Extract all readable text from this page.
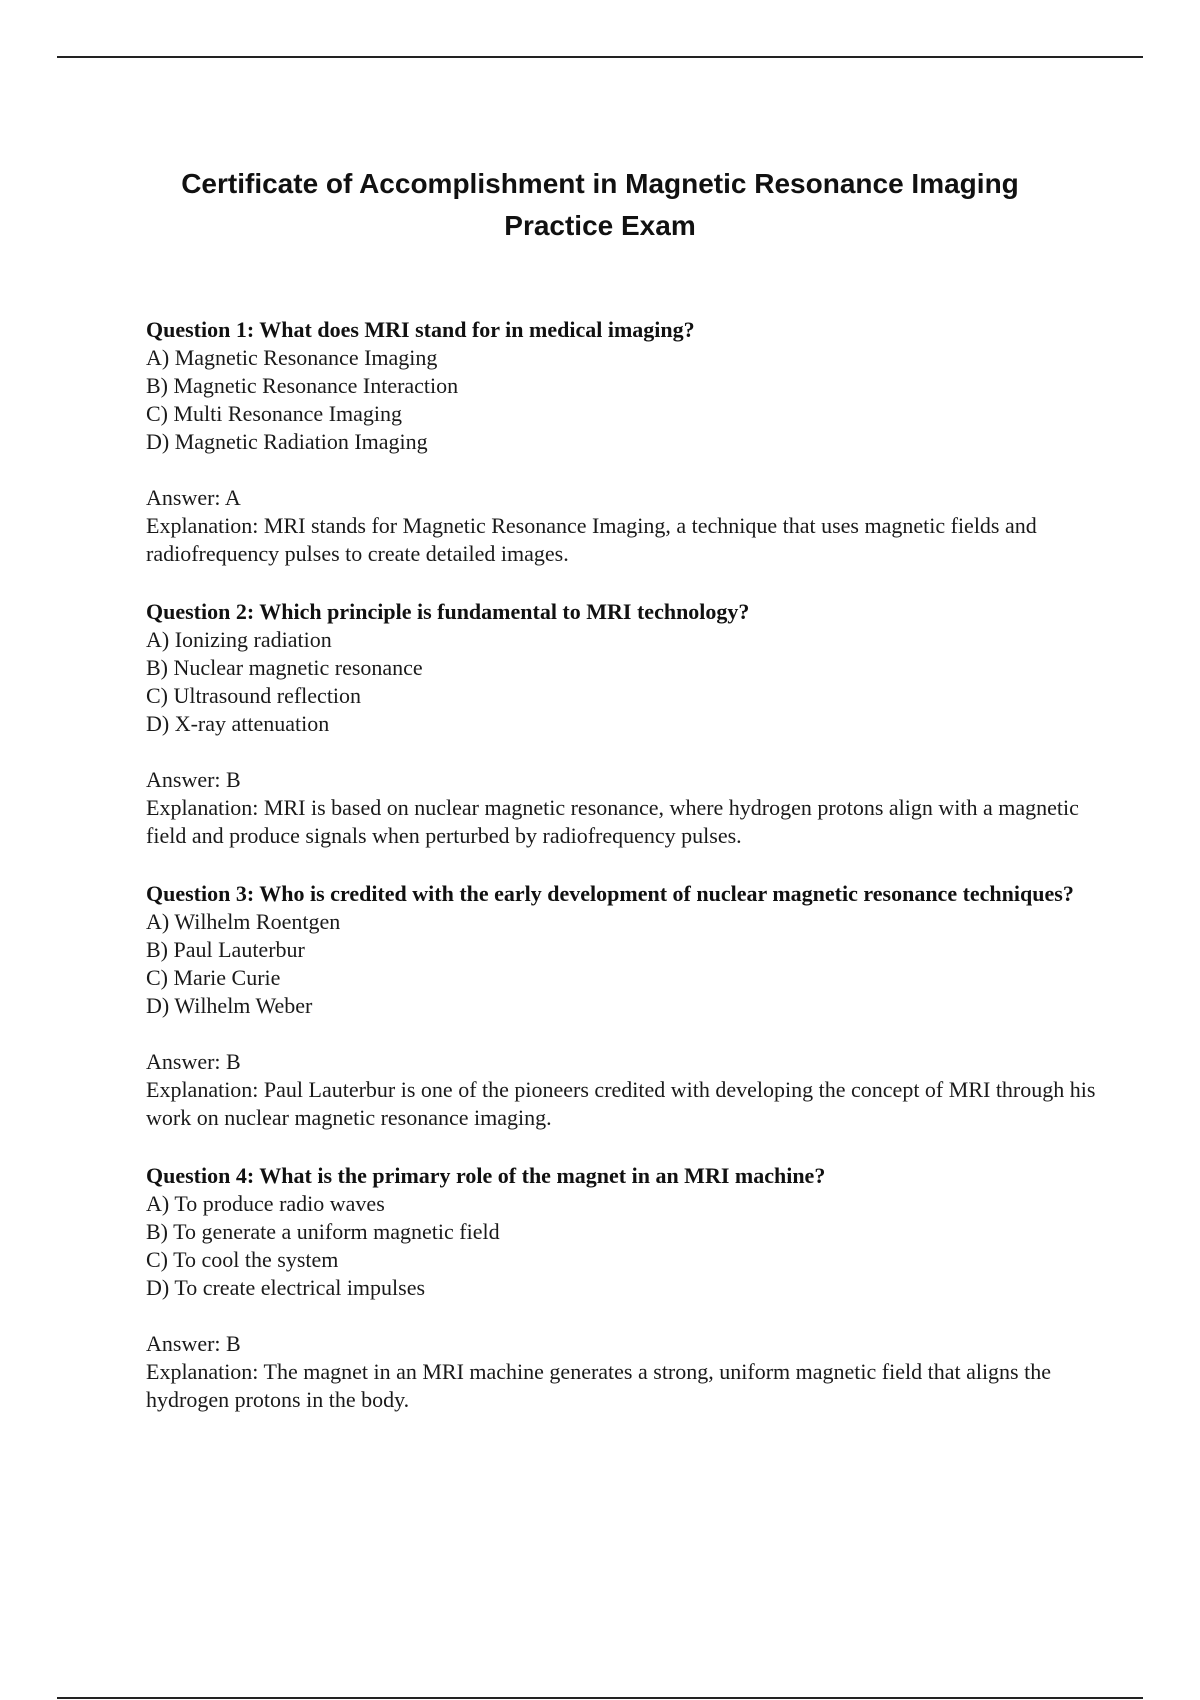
Certificate of Accomplishment in Magnetic Resonance Imaging
Practice Exam
Question 1: What does MRI stand for in medical imaging?
A) Magnetic Resonance Imaging
B) Magnetic Resonance Interaction
C) Multi Resonance Imaging
D) Magnetic Radiation Imaging
Answer: A
Explanation: MRI stands for Magnetic Resonance Imaging, a technique that uses magnetic fields and radiofrequency pulses to create detailed images.
Question 2: Which principle is fundamental to MRI technology?
A) Ionizing radiation
B) Nuclear magnetic resonance
C) Ultrasound reflection
D) X-ray attenuation
Answer: B
Explanation: MRI is based on nuclear magnetic resonance, where hydrogen protons align with a magnetic field and produce signals when perturbed by radiofrequency pulses.
Question 3: Who is credited with the early development of nuclear magnetic resonance techniques?
A) Wilhelm Roentgen
B) Paul Lauterbur
C) Marie Curie
D) Wilhelm Weber
Answer: B
Explanation: Paul Lauterbur is one of the pioneers credited with developing the concept of MRI through his work on nuclear magnetic resonance imaging.
Question 4: What is the primary role of the magnet in an MRI machine?
A) To produce radio waves
B) To generate a uniform magnetic field
C) To cool the system
D) To create electrical impulses
Answer: B
Explanation: The magnet in an MRI machine generates a strong, uniform magnetic field that aligns the hydrogen protons in the body.
